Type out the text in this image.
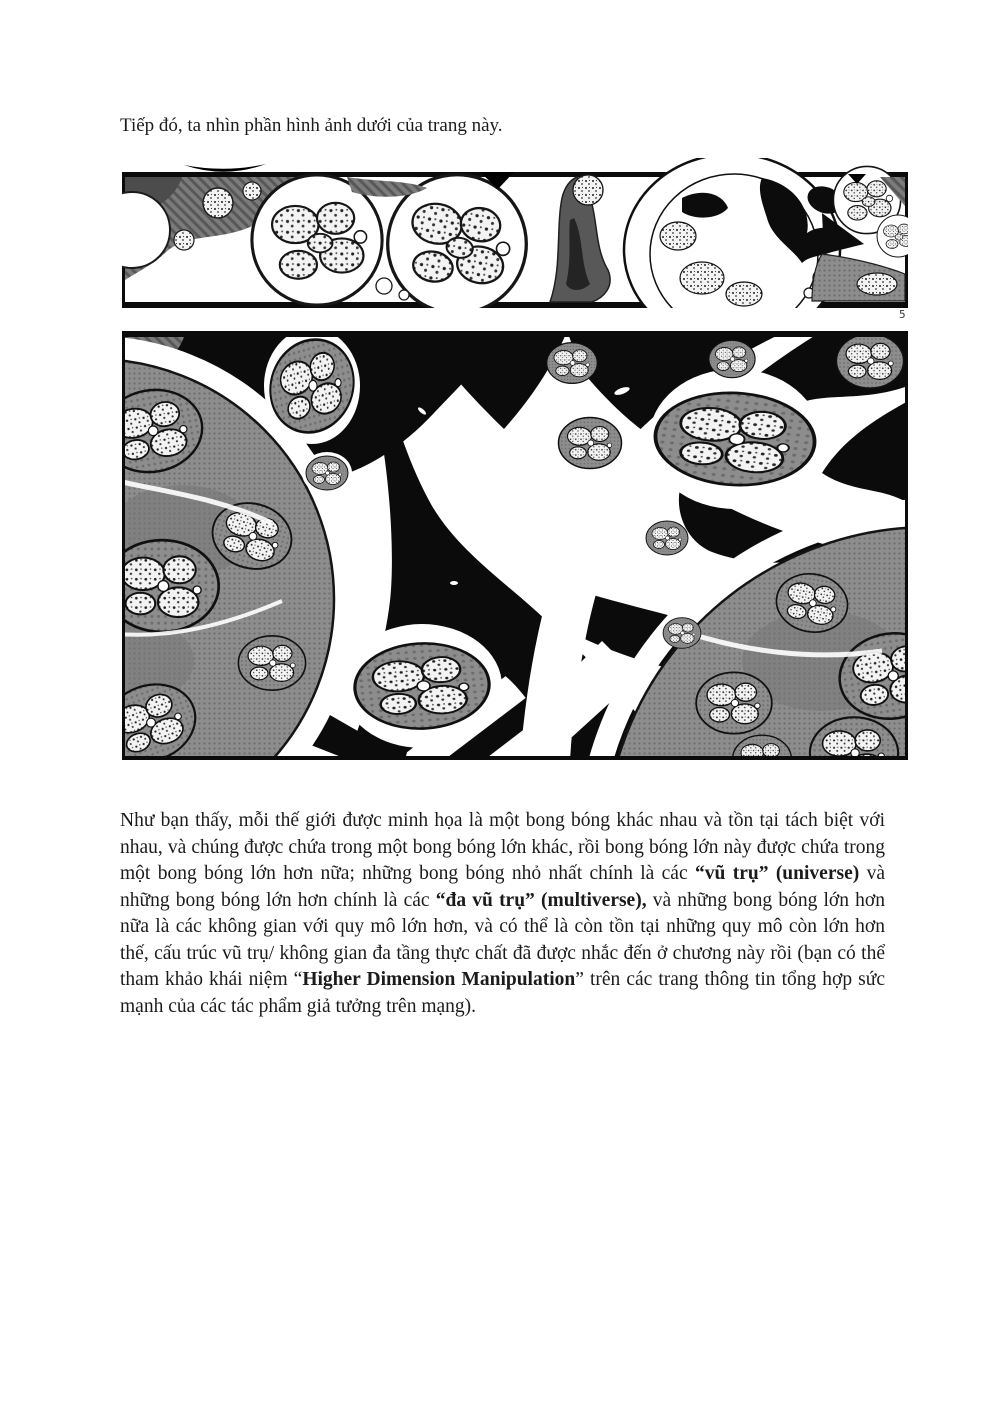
Tiếp đó, ta nhìn phần hình ảnh dưới của trang này.

5

Như bạn thấy, mỗi thế giới được minh họa là một bong bóng khác nhau và tồn tại tách biệt với nhau, và chúng được chứa trong một bong bóng lớn khác, rồi bong bóng lớn này được chứa trong một bong bóng lớn hơn nữa; những bong bóng nhỏ nhất chính là các “vũ trụ” (universe) và những bong bóng lớn hơn chính là các “đa vũ trụ” (multiverse), và những bong bóng lớn hơn nữa là các không gian với quy mô lớn hơn, và có thể là còn tồn tại những quy mô còn lớn hơn thế, cấu trúc vũ trụ/ không gian đa tầng thực chất đã được nhắc đến ở chương này rồi (bạn có thể tham khảo khái niệm “Higher Dimension Manipulation” trên các trang thông tin tổng hợp sức mạnh của các tác phẩm giả tưởng trên mạng).
